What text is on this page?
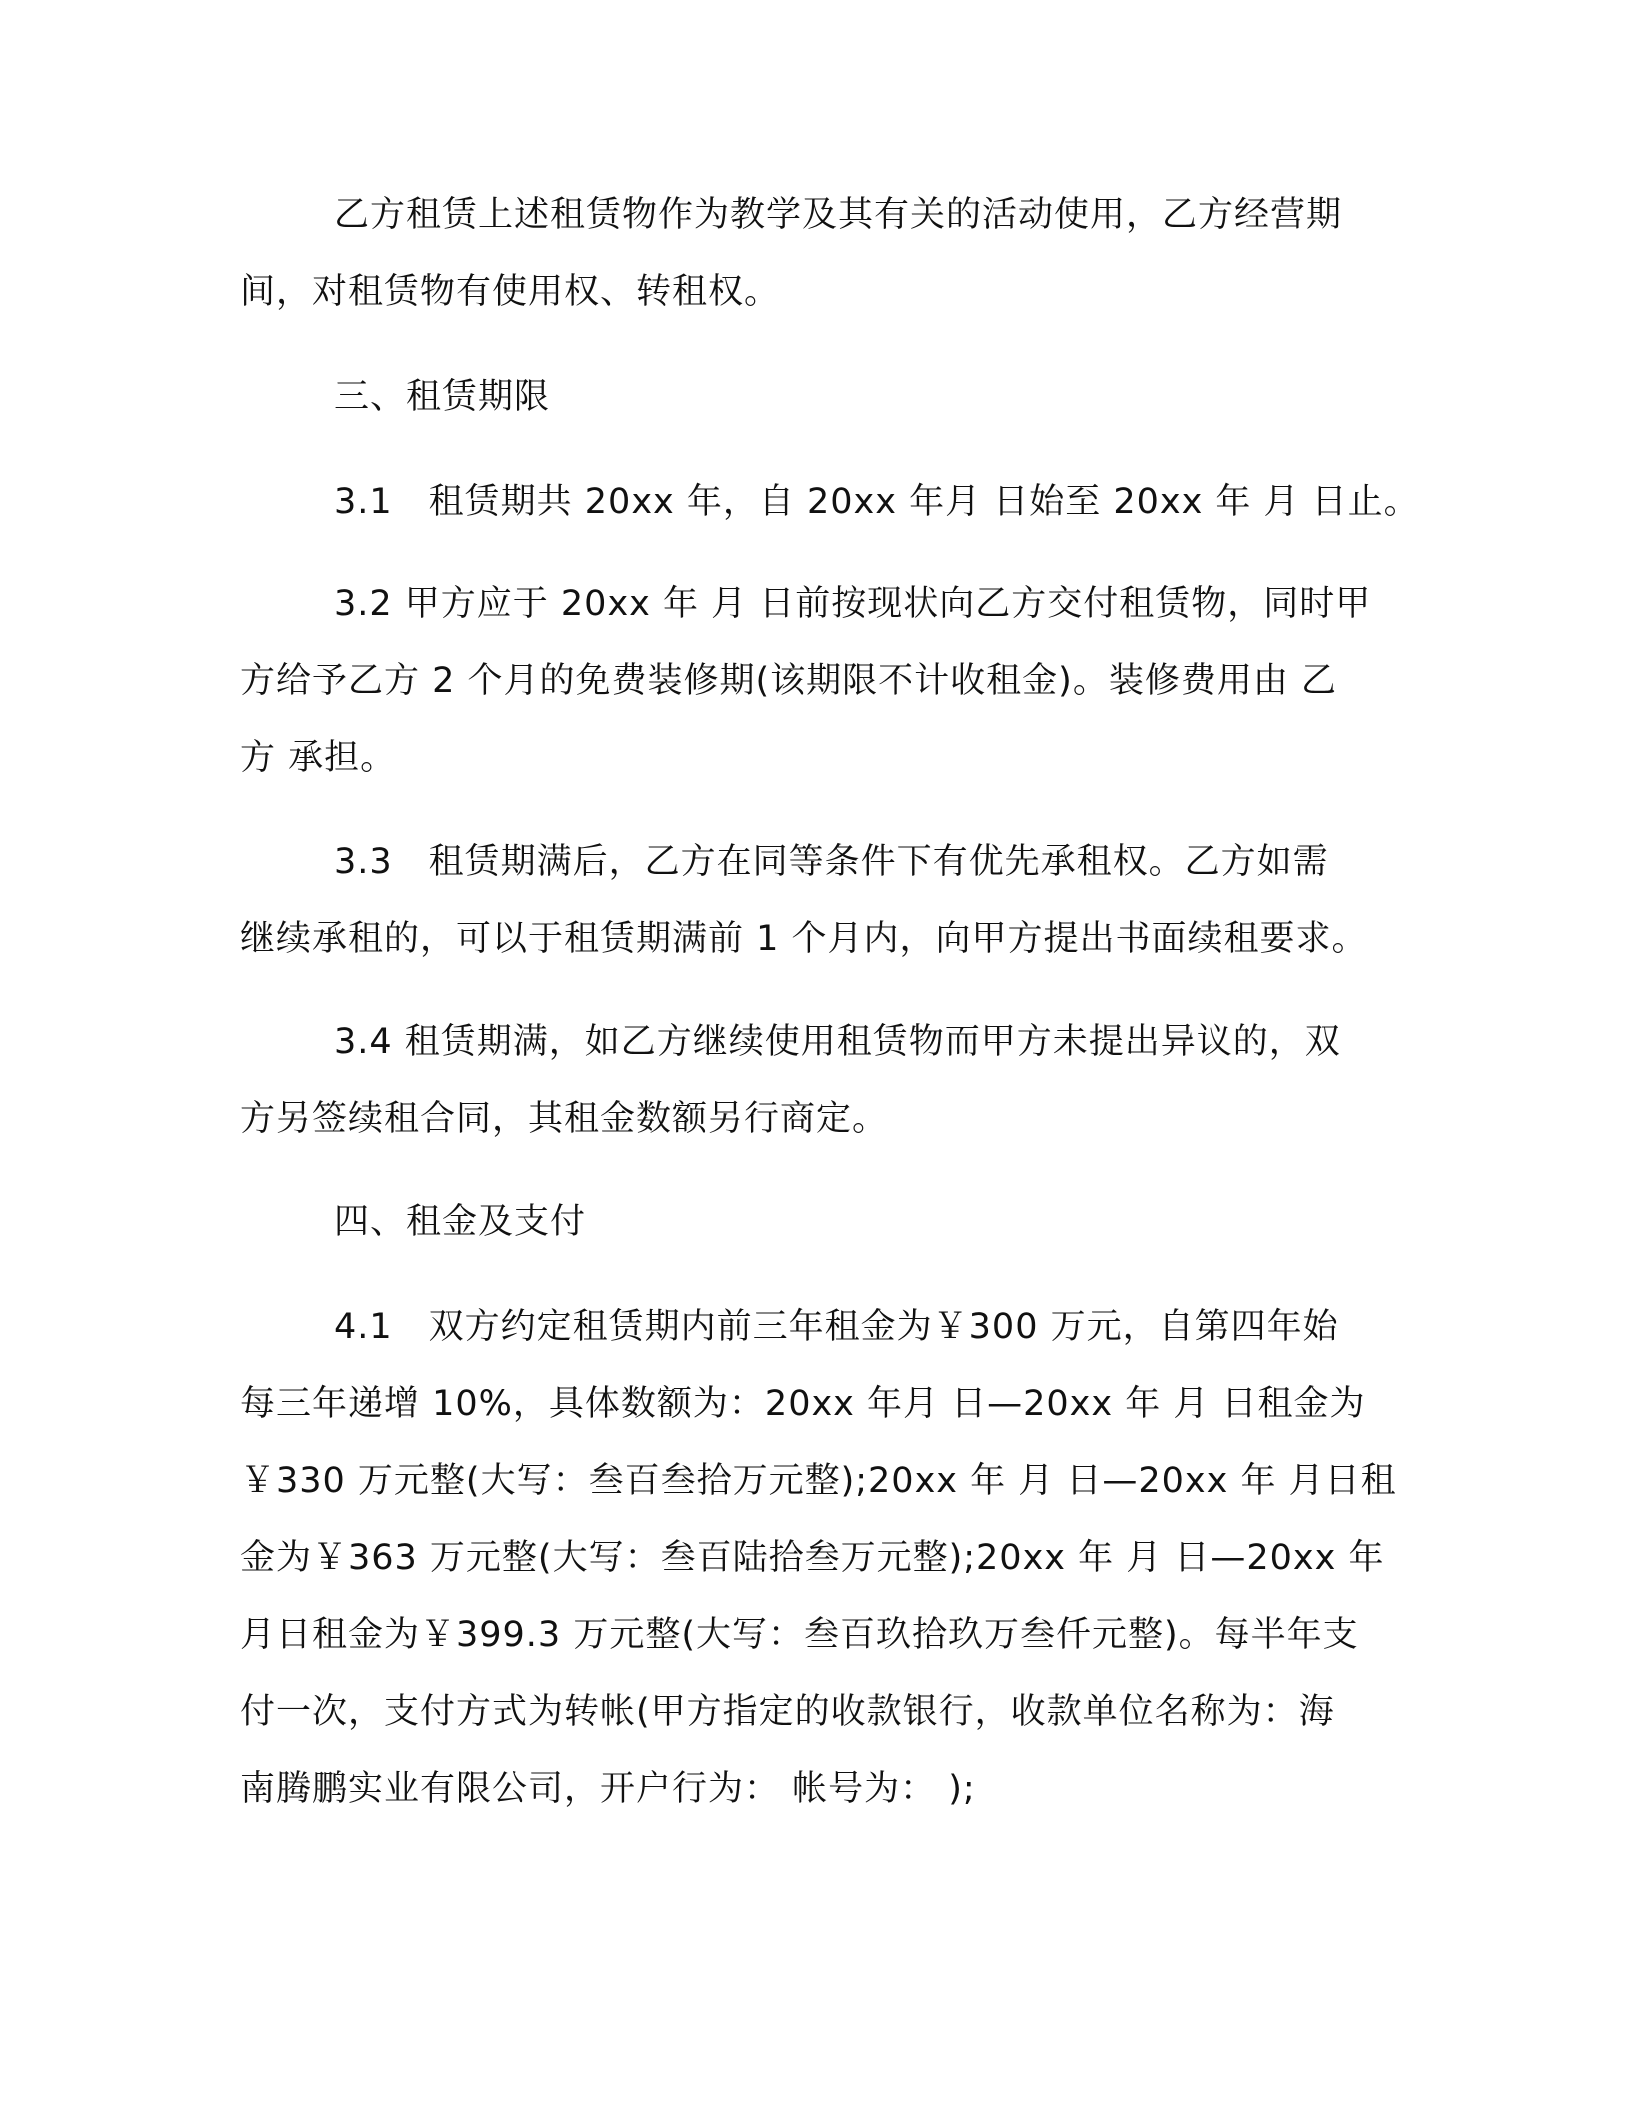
乙方租赁上述租赁物作为教学及其有关的活动使用，乙方经营期
间，对租赁物有使用权、转租权。
三、租赁期限
3.1　租赁期共 20xx 年，自 20xx 年月 日始至 20xx 年 月 日止。
3.2 甲方应于 20xx 年 月 日前按现状向乙方交付租赁物，同时甲
方给予乙方 2 个月的免费装修期(该期限不计收租金)。装修费用由 乙
方 承担。
3.3　租赁期满后，乙方在同等条件下有优先承租权。乙方如需
继续承租的，可以于租赁期满前 1 个月内，向甲方提出书面续租要求。
3.4 租赁期满，如乙方继续使用租赁物而甲方未提出异议的，双
方另签续租合同，其租金数额另行商定。
四、租金及支付
4.1　双方约定租赁期内前三年租金为￥300 万元，自第四年始
每三年递增 10%，具体数额为：20xx 年月 日—20xx 年 月 日租金为
￥330 万元整(大写：叁百叁拾万元整);20xx 年 月 日—20xx 年 月日租
金为￥363 万元整(大写：叁百陆拾叁万元整);20xx 年 月 日—20xx 年
月日租金为￥399.3 万元整(大写：叁百玖拾玖万叁仟元整)。每半年支
付一次，支付方式为转帐(甲方指定的收款银行，收款单位名称为：海
南腾鹏实业有限公司，开户行为： 帐号为： );
